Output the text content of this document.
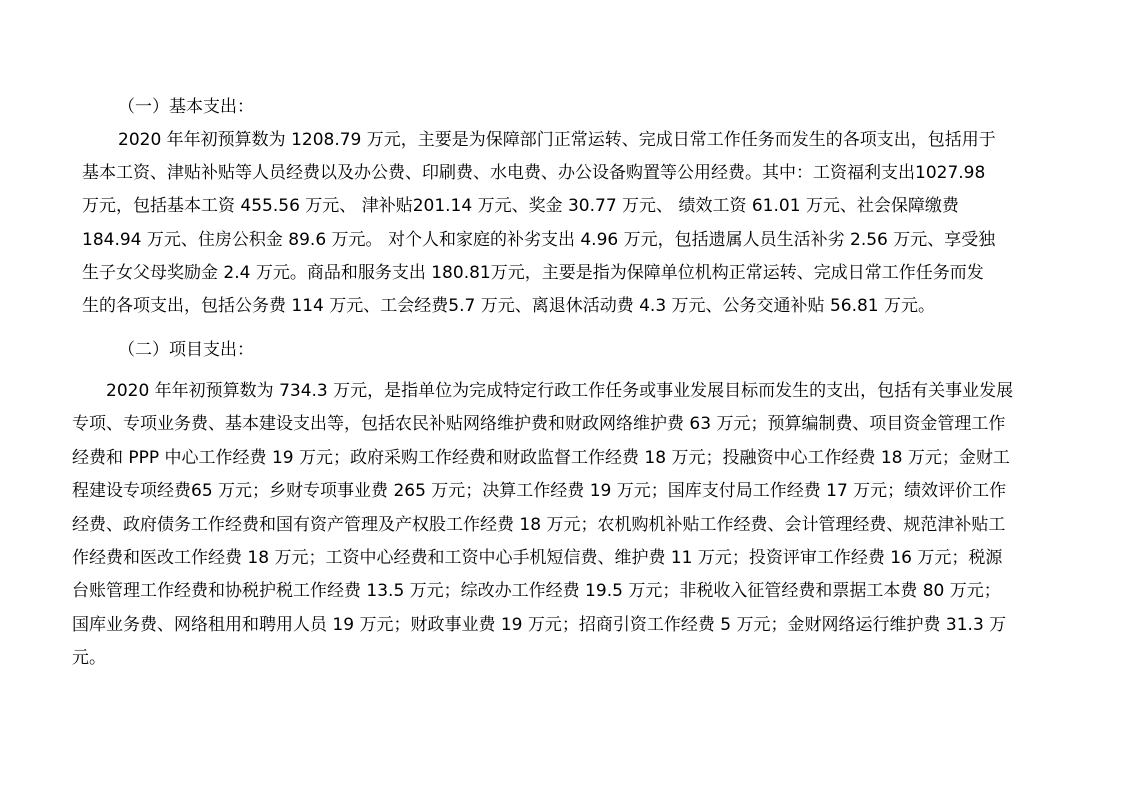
（一）基本支出：
2020 年年初预算数为 1208.79 万元，主要是为保障部门正常运转、完成日常工作任务而发生的各项支出，包括用于
基本工资、津贴补贴等人员经费以及办公费、印刷费、水电费、办公设备购置等公用经费。其中：工资福利支出1027.98
万元，包括基本工资 455.56 万元、 津补贴201.14 万元、奖金 30.77 万元、 绩效工资 61.01 万元、社会保障缴费
184.94 万元、住房公积金 89.6 万元。 对个人和家庭的补劣支出 4.96 万元，包括遗属人员生活补劣 2.56 万元、享受独
生子女父母奖励金 2.4 万元。商品和服务支出 180.81万元，主要是指为保障单位机构正常运转、完成日常工作任务而发
生的各项支出，包括公务费 114 万元、工会经费5.7 万元、离退休活动费 4.3 万元、公务交通补贴 56.81 万元。
（二）项目支出：
2020 年年初预算数为 734.3 万元，是指单位为完成特定行政工作任务或事业发展目标而发生的支出，包括有关事业发展
专项、专项业务费、基本建设支出等，包括农民补贴网络维护费和财政网络维护费 63 万元；预算编制费、项目资金管理工作
经费和 PPP 中心工作经费 19 万元；政府采购工作经费和财政监督工作经费 18 万元；投融资中心工作经费 18 万元；金财工
程建设专项经费65 万元；乡财专项事业费 265 万元；决算工作经费 19 万元；国库支付局工作经费 17 万元；绩效评价工作
经费、政府债务工作经费和国有资产管理及产权股工作经费 18 万元；农机购机补贴工作经费、会计管理经费、规范津补贴工
作经费和医改工作经费 18 万元；工资中心经费和工资中心手机短信费、维护费 11 万元；投资评审工作经费 16 万元；税源
台账管理工作经费和协税护税工作经费 13.5 万元；综改办工作经费 19.5 万元；非税收入征管经费和票据工本费 80 万元；
国库业务费、网络租用和聘用人员 19 万元；财政事业费 19 万元；招商引资工作经费 5 万元；金财网络运行维护费 31.3 万
元。
